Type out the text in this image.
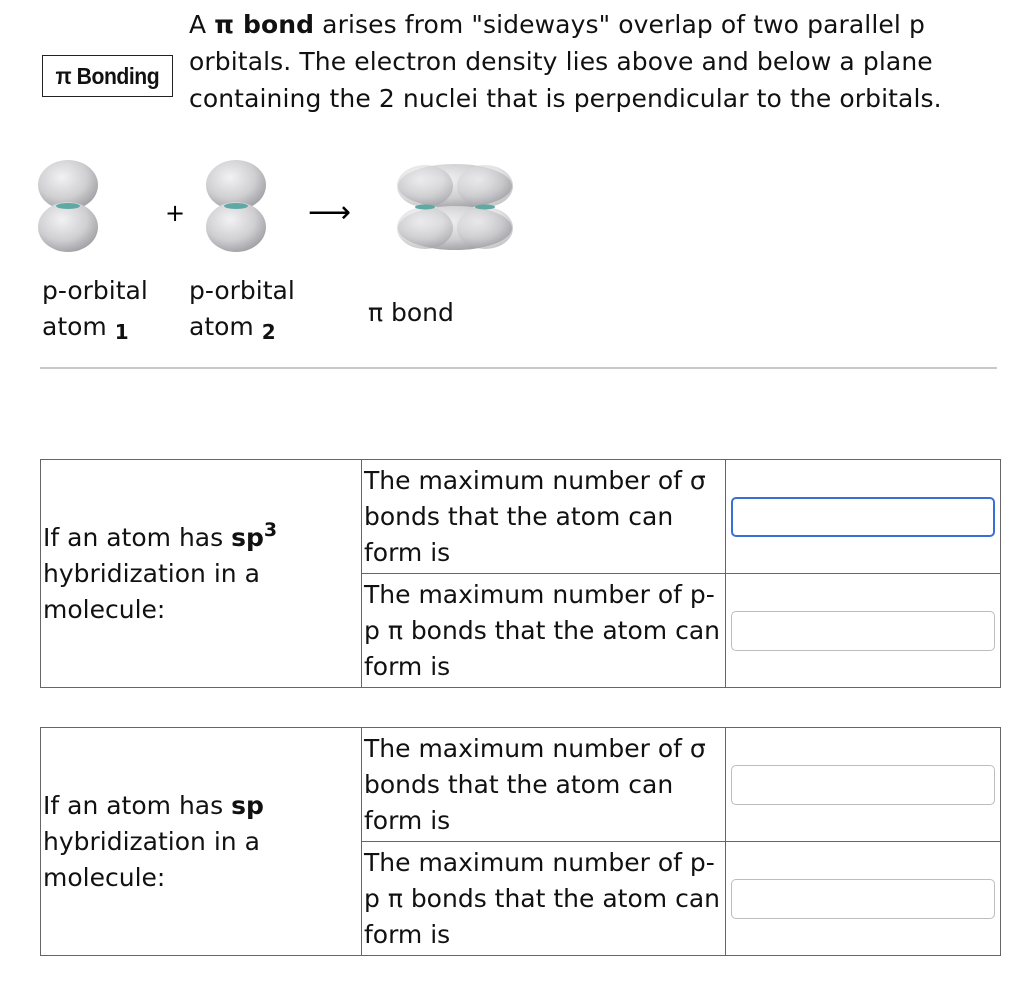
π Bonding
A π bond arises from "sideways" overlap of two parallel p orbitals. The electron density lies above and below a plane containing the 2 nuclei that is perpendicular to the orbitals.
+	⟶
p-orbital
atom $_1$
p-orbital
atom $_2$
π bond
If an atom has $sp^3$
hybridization in a molecule:	The maximum number of σ bonds that the atom can form is	
	The maximum number of p-p π bonds that the atom can form is	
If an atom has sp
hybridization in a molecule:	The maximum number of σ bonds that the atom can form is	
	The maximum number of p-p π bonds that the atom can form is	
